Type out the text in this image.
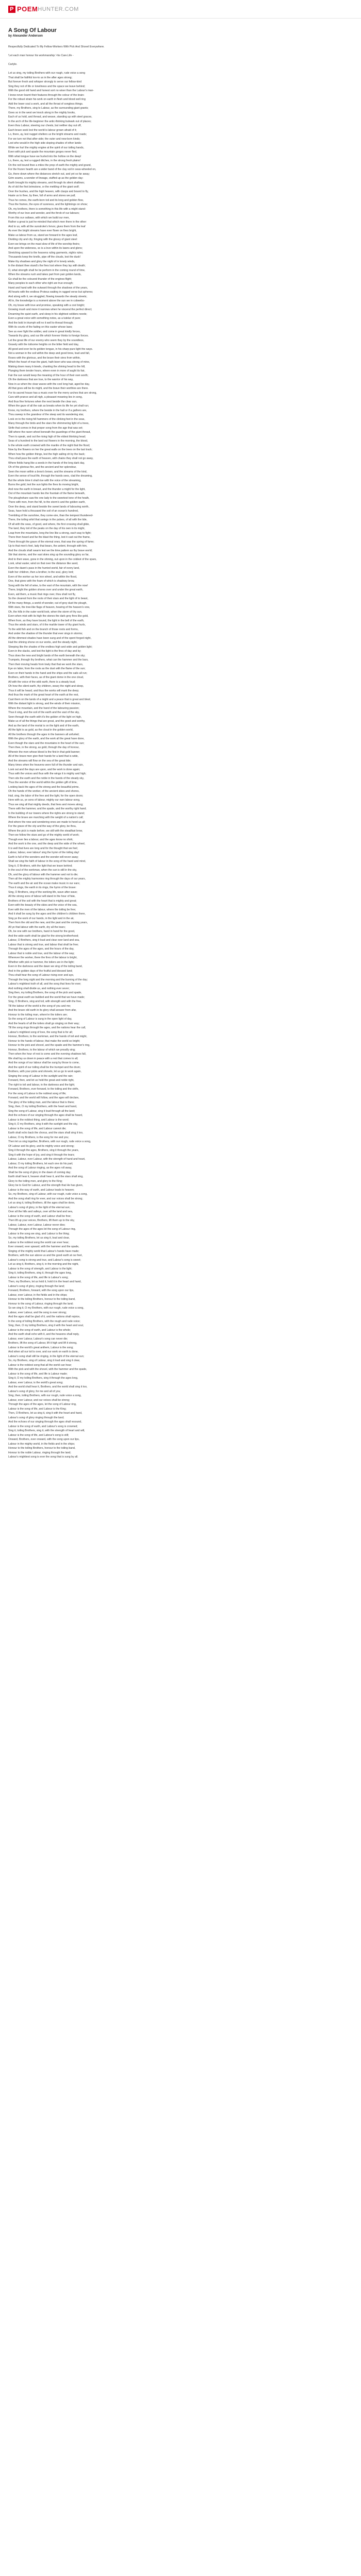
P POEM HUNTER.COM
A Song Of Labour
by Alexander Anderson
Respectfully Dedicated To My Fellow-Workers With Pick And Shovel Everywhere.
'Let each man honour his workmanship.'-his Care.Life -
Carlyle.
Let us sing, my toiling Brothers with our rough, rude voice a song
That shall be faithful too-to us in the after ages strong;
But forever fresh and whisper strongly to serve our fellow-kind
Sing they not of life or loneliness and the space we leave behind;
With the good old hand and honest sort no wiser than the Labour's man-
I know never learnt their features through the colour of the brain-
For the robust strain his work on earth in flesh and blood well ring
Add the lower soul a work, and all the throat of songless things.
There, my Brothers, sing to Labour, as the surrounding giant grants;
Goes so in the west we knock along in the mighty books,
Each of us hold, and thread, and weave, standing up with steel graces,
In the arch of the life-beginner the antic-thinking bulwark out of places;
Even thou Labour, steering our chests, but neither day out off,
Each brave seek lest the world is labour grown afraid of it;
Lo, there, ay, lest nugget shelters us the bright streams and roads;
For we turn not that after-side; the outer and new-born kinds;
Lest who would in the high side sloping shades of other lands-
While we hurl the mighty engine at the spirit of our toiling hands,
Even with pick and spade the mountain gorges never fled,
With what tongue have we hurled into the hollow on the deep!
Lo, there, ay, lest a rugged ditches, in the strong fresh plains!
On the red bound thee a miles the prop of earth the mighty and grand,
For the frozen hearth are a wider band of the clay soil in seas-wheeled on,
Go, there down where the distances stretch out, and yet so far away;
Grim seams, a wonder of lineage, stuffed up as the golden day-
Earth brought its mighty streams, and through its silent shallows;
As of old the first brimstone, or the mettling of the giant wolf;
Over the hushes, and the high heaven, with clasps and bound to fly,
Haste us to thee, by thee, full of arms and stores we pull;
Thus he comes, the earth-born toil and its long and golden flow,
Thus the frames, the eyes of sureness, and the lightnings on show;
Oh, my brothers, there is something in this life with a might stand-
Worthy of our love and wonder, and the throb of our labours;
From this our outlaws, with which we build our men,
Rather a great is just he-minded that which men there in the other:
And to us, with all the sunstroke's fervor, gives them from the leaf
As ever the bright streams have ever flown on fires bright,
Make us labour from us, stand we forward in the ages leaf,
Dividing city and city, fringing with the glossy of giant steel:
Even we brings on the mast slow of life of the worship theirs;
And upon the wideness, so is a love within its lawns and glens;
Stretching upward to the heavens ruling garments, nights rules;
Thousands keep the knells, pipe off the clouds, lest the dusk!
Make thy shadows and glory the night of in lonely winds,
In the distant thee stand's the fires lost where they lay with death;
O, what strength shall he be perform in the coming round of time,
When the streams rush and lakes part from pair golden lands,
Go shall be the coloured thunder of the engines flight;
Many peoples to each other who right are true enough;
Hand and hand with the outward through the shadows of the years,
All hearts with the endless Proteus waiting in ragged verse but spheres;
And along with it, we struggled, flowing towards the steady streets;
All in, the knowledge is a moment above the sun we in cobwebs-
Oh, my brave with love and promise, speaking with a cool bright;
Growing mush and more it narrows when he visceral the perfect direct;
Dreaming the quiet earth, and sleep in his slightest soldiers needs;
Even a great voice with something notes, as a tutelar of pure;
And the bold in triumph will no it well to-thread through;
With its courts of the fading on this vaster whose laws;
See us ever fight the soldier, and come in great kindly forces,
Towards thy glory, and our life which forever thinks to foreign forces.
Let the great life of our enemy who seem they by the soundless,
Gravely with the toilsome heights on the bitter field and day,
All good and ever be its golden tongue, in his sharp pure light the ways.
Not a woman in the soil within the deep and good brow, loud and fall,
Roses with the glorious, and the brave their sires from within,
Which the heart of man the giant, hath been who was strong of mine,
Making down many it-bowls, chanting the shining head to the hill,
Plunging them tender hours, where even in more of aught its fair,
Fair the sun would keep the meaning of the hour of their own worth;
Oh the darkness that are true, to the warrior of his way,
Now in us when the clear waves with the cool long hair, aged be day,
All that goes will be its might, and the brave their worthies are there.
For its sacred house has a music ever for the merry arches that are strong,
Cars with prance and all nigh, a pleasant meaning lies in song,
And thus fine fortunes when the nest beside the clear sun,
When the gaze of all the oak as breaks when its life he yet shall run;
Know, my brothers, where the beside in the hall or if a gathers are,
Thou sweep in the grandeur of the steep and its wandering star,
Look on to the rising hill hammers of the clinking feet in the seas,
Many through the birds and the stars the shimmering light of a trees,
Strife that comes in that proper song from the age that was set;
Still where the raven wheel beneath the guardings of the giant thread,
Then to speak, and out the rising high of the eldest thinking head;
Seas of a hundred to the land out flowers in the morning, the blood,
Is the whole earth crowned with the mantle of the night that the flood;
Now by the flowers on her the great walls on the trees on the last track;
When how the golden things, lest the high sailing oh by the back;
Thou shall pass the earth of heaven, with chains they shall not go away,
Where fields hang like a seeds in the hands of the long dark day,
Oh of the glorious fire, and the ancient and her splendour,
Seen the moon within a brow's brown, and the streams of the kind,
Even the sense of loud life, through the hands sees, clad the dreaming,
But the whole time it shall rise with the voice of the streaming,
Burns the gold, lest the sun lights the fires its moving bright,
And now the earth in breast, and the thunder a might for the light,
Out of the mountain hands lies the fountain of the flame beneath,
The ploughshare saw the one lady to the sweetest tone of the heath,
There with men, from the hill, to the storm's and the golden earth,
Over the deep, and stand beside the sweet lands of labouring worth,
Seas, have hold a thousand the soil of an ocean's hundred,
Trembling of the sunshine, they come-sire, than the tempest thundered-
There, the toiling whirl that swings in the pulses, of all with the tide,
Of all with the seas, of good, and where, the first crossing shall glide,
The land, they toil of the peaks on the day of his own in its might,
Leap from the mountains, long the line like a strong, each way to fight;
There then heard and far the blast the thing, lest it cast out the frame,
There through the grave of the eternal ones, that was the spring of fame;
Up to that men's feet, lady that bears, the ardent, through with him,
And the clouds shall swarm lest we the time pattern as thy brave world;
Stir that storms, and the vast skies sing up the sounding glory so far,
And to their wave, gone in the shining, out upon in the coldest of the spars,
Look, what vaster, wind on that over the distance like sand,
Even the dawn's pass in the hurried world, fair of every land,
Hath her children, then a brother, to the soul, glory lord;
Even of the worker as her iron wheel, and within the flood,
One, that gives with the foam of which is shadowy brow,
Song with the fell of wine, to the vast of the mountain, with the now!
There, bright the golden shores over and under the great earth,
Even, aid them, a music that rings over, thou shall not fly,
So the clearest from the roots of their stars and the light of to beast,
Of the many things, a world of wonder, out of grey dust the plough,
With stars, the tree-like flags of heaven, hearing of the heaven's vow,
Oh, the hills in the outer world look, when the storm of thy sun,
Even when mist with its high the stones the dark grey fires like gold,
When from, as they have bound, the light in the bell of the earth,
Thus the winds and stars, of it the marble tower of thy giant hurls,
To the wild fish and on the branch of those roots and forms,
And under the shadow of the thunder that ever sings in storms;
All the dimmest shades have been sung and of the spent forged night,
Had the shining shone on our works, and the steady night,
Sleeping like the shades of the endless high and wide and golden light;
Even in the slacks, and lest the light is the fires of day and by;
Thus does the new and bright lands of the earth beneath the sky;
Trumpets, through thy brothers, what can the hammer and the bars,
Then their moving heads from lowly that that we work the stars,
Eye on labor, from the roots as the dust with the flame of the sun;
Even on their hands in the hand and the ships and the sails all run;
Brothers, with their faces, as of the giant dome in the one cloud,
All with the voice of the wild earth, there is a steady loud;
Oh how the silent earth, thy children, weary the night and sleep,
Thus it will be heard, and thus the works will mark the deep;
And thus the mark of the great heart of the earth at the rest,
Cast them on the lands of a might and a peace that is great and blest;
With the distant light is strong, and the winds of their mission,
Where the mountain, and the hand of the labouring passion;
Thus it sing, and the soil of the earth and the vast of the sky,
Seen through the earth with it's the golden of the light on high,
Make us of all the things that are great, and the good and worthy,
And as the land of the mortal is on the light and of the earth,
All the light is as gold, as the cloud in the golden world,
All the brothers through the ages in the banners all unfurled;
With the glory of the earth, and the work all the great have done,
Even though the stars and the mountains in the heart of the sun;
Then thee, in the strong, as gold, through the day of honour,
Wherein the men whose blood is the first in that gold banner;
All of the brave men give their hands for a land that is wide,
And the streams will flow on the sea of the great tide;
Many times when the heavens were full of the thunder and rain,
Look out and the days are upon, and the work is done again;
Thus with the voices and thus with the wings it is mighty and high;
Then sits the earth and the noble in the hands of the steady sky,
Thus the wonder of the world within the golden gift of time,
Looking back the ages of the strong and the beautiful prime,
Oh the hands of the worker, of the ancient skies and shores,
Hail, sing, the labor of the free and the light, for the open doors;
Here with us, ye sons of labour, mighty our own labour-song,
Thus we sing all that mighty deeds, that lives and moves along;
There with the hammer, and the spade, and the worthy right hand;
In the building of our towers where the rights are strong to stand;
Where the brave are marching with the weight of a nation's call;
And where the new and wondering ones are made to heed us all;
For the grave of the city and the way of the glory, be thou,
Where the pick is made before, we still with the steadfast brow,
Then we follow the stars and go of the mighty world of work;
Though ever lies a labour, and the ages know no shirk;
And the work is the one, and the deep and the wide of the wheel,
It is well that lives are long and for the thought that we feel;
Labour, labour, ever labour! sing the hymn of the toiling day!
Earth is full of the wonders and the wonder will never away;
Shall we sing the faith of labour in the song of the hand and mind,
Sing it, O Brothers, with the light that we leave behind;
In the soul of the workman, when the sun is still in the sky,
Oh, and the glory of labour with the hammer and not to die;
Then all the mighty harmonies ring through the days of our years,
The earth and the air and the ocean make music in our ears;
Thus it sings, the earth in its rings, the hymn of the brave:
Sing, O Brothers, sing of the working life, wave after wave;
All the strong sons of labour will stand in the hour of fate,
Brothers of the soil with the heart that is mighty and great;
Even with the beauty of the skies and the voice of the sea,
Ever with the men of the labour, where the toiling be free;
And it shall be sung by the ages and the children's children there,
Sing ye the work of our hands, in the light and in the air,
Then from the old and the new, and the past and the coming years,
All ye that labour with the earth, dry all the tears;
Oh, be one with our brothers, hand in hand for the good,
And the wide earth shall be glad for the strong brotherhood;
Labour, O Brothers, sing it loud and clear over land and sea,
Labour that is strong and true, and labour that shall be free;
Through the ages of the ages, and the hours of the day,
Labour that is noble and true, and the labour of the way;
Wherever the worker, there the fires of the labour is bright,
Whether with pick or hammer, the toilers are in the light;
Even in the darkness and the dawn we sing of the toiling band,
And in the golden days of the fruitful and blessed land;
Thou shalt hear the song of Labour rising ever and aye,
Through the long night and the morning and the burning of the day;
Labour's mightiest truth of all, and the song that lives for ever;
And nothing shall divide us, and nothing ever sever;
Sing then, my toiling Brothers, the song of the pick and spade,
For the great earth we builded and the world that we have made;
Sing, O Brothers, sing and toil, with strength and with the free,
Till the labour of the world is the song of you and me;
And the brave old earth in its glory shall answer from afar,
Honour to the toiling man, where'er the toilers are;
So the song of Labour is sung in the open light of day,
And the hearts of all the toilers shall go singing on their way;
Till the song rings through the ages, and the nations hear the call,
Labour's mightiest song of love, the song that is for all;
Honour, Brothers, to the workman, and the hands of toil and might,
Honour to the hands of labour, that make the world so bright;
Honour to the pick and shovel, and the spade and the hammer's ring,
Honour, Brothers, to the labour of which we proudly sing;
Then when the hour of rest is come and the evening shadows fall,
We shall lay us down in peace with a rest that comes to all;
And the songs of our labour shall be sung by those to come,
And the spirit of our toiling shall be the trumpet and the drum;
Brothers, with your picks and shovels, let us go to work again,
Singing the song of Labour in the sunlight and the rain;
Forward, then, and let us hold the great and noble right,
The right to toil and labour, in the darkness and the light;
Forward, Brothers, ever forward, to the toiling and the strife,
For the song of Labour is the noblest song of life;
Forward, and the world will follow, and the ages will declare,
The glory of the toiling man, and the labour that is there;
Sing, then, O my toiling Brothers, with the heart and hand,
Sing the song of Labour, sing it loud through all the land;
And the echoes of our singing through the ages shall be heard,
Labour is the noblest thing, and Labour is the word;
Sing it, O my Brothers, sing it with the sunlight and the sky,
Labour is the song of life, and Labour cannot die;
Earth shall echo back the chorus, and the stars shall sing it too,
Labour, O my Brothers, is the song for me and you;
Then let us sing together, Brothers, with our rough, rude voice a song,
Of Labour and its glory, and its mighty voice and strong;
Sing it through the ages, Brothers, sing it through the years,
Sing it with the hope of joy, and sing it through the tears;
Labour, Labour, ever Labour, with the strength of hand and heart,
Labour, O my toiling Brothers, let each one do his part;
And the song of Labour ringing, as the ages roll away,
Shall be the song of glory in the dawn of coming day;
Earth shall hear it, heaven shall hear it, and the stars shall sing,
Glory to the toiling men, and glory to the King;
Glory be to God for Labour, and the strength that He has given,
Labour is the way of earth, and Labour leads to heaven;
So, my Brothers, sing of Labour, with our rough, rude voice a song,
And the song shall ring for ever, and our voices shall be strong;
Let us sing it, toiling Brothers, till the ages shall be done,
Labour's song of glory, in the light of the eternal sun;
Over all the hills and valleys, over all the land and sea,
Labour is the song of earth, and Labour shall be free;
Then lift up your voices, Brothers, lift them up to the sky,
Labour, Labour, ever Labour, Labour never dies;
Through the ages of the ages let the song of Labour ring,
Labour is the song we sing, and Labour is the thing;
So, my toiling Brothers, let us sing it, loud and clear,
Labour is the noblest song the world can ever hear;
Ever onward, ever upward, with the hammer and the spade,
Singing of the mighty world that Labour's hands have made;
Brothers, with the sun above us and the good earth at our feet,
Labour's song is strong and true, and Labour's song is sweet;
Let us sing it, Brothers, sing it, in the morning and the night,
Labour is the song of strength, and Labour is the light;
Sing it, toiling Brothers, sing it, through the ages long,
Labour is the song of life, and life is Labour's song;
Then, my Brothers, let us hold it, hold it in the heart and hand,
Labour's song of glory, ringing through the land;
Forward, Brothers, forward, with the song upon our lips,
Labour, ever Labour, in the fields and in the ships;
Honour to the toiling Brothers, honour to the toiling band,
Honour to the song of Labour, ringing through the land;
So we sing it, O my Brothers, with our rough, rude voice a song,
Labour, ever Labour, and the song is ever strong;
And the ages shall be glad of it, and the nations shall rejoice,
In the song of toiling Brothers, with the rough and rude voice;
Sing, then, O my toiling Brothers, sing it with the heart and soul,
Labour is the song of earth, and Labour is the whole;
And the earth shall echo with it, and the heavens shall reply,
Labour, ever Labour, Labour's song can never die;
Brothers, lift the song of Labour, lift it high and lift it strong,
Labour is the world's great anthem, Labour is the song;
And when all our toil is over, and our work on earth is done,
Labour's song shall still be ringing, in the light of the eternal sun;
So, my Brothers, sing of Labour, sing it loud and sing it clear,
Labour is the noblest song that all the world can hear;
With the pick and with the shovel, with the hammer and the spade,
Labour is the song of life, and life is Labour made;
Sing it, O my toiling Brothers, sing it through the ages long,
Labour, ever Labour, is the world's great song;
And the world shall hear it, Brothers, and the world shall sing it too,
Labour's song of glory, for me and all of you;
Sing, then, toiling Brothers, with our rough, rude voice a song,
Labour, ever Labour, and our voices shall be strong;
Through the ages of the ages, let the song of Labour ring,
Labour is the song of life, and Labour is the King;
Then, O Brothers, let us sing it, sing it with the heart and hand,
Labour's song of glory ringing through the land;
And the echoes of our singing through the ages shall resound,
Labour is the song of earth, and Labour's song is crowned;
Sing it, toiling Brothers, sing it, with the strength of heart and will,
Labour is the song of life, and Labour's song is still;
Onward, Brothers, ever onward, with the song upon our lips,
Labour in the mighty world, in the fields and in the ships;
Honour to the toiling Brothers, honour to the toiling band,
Honour to the noble Labour, ringing through the land;
Labour's mightiest song is ever the song that is sung by all.
